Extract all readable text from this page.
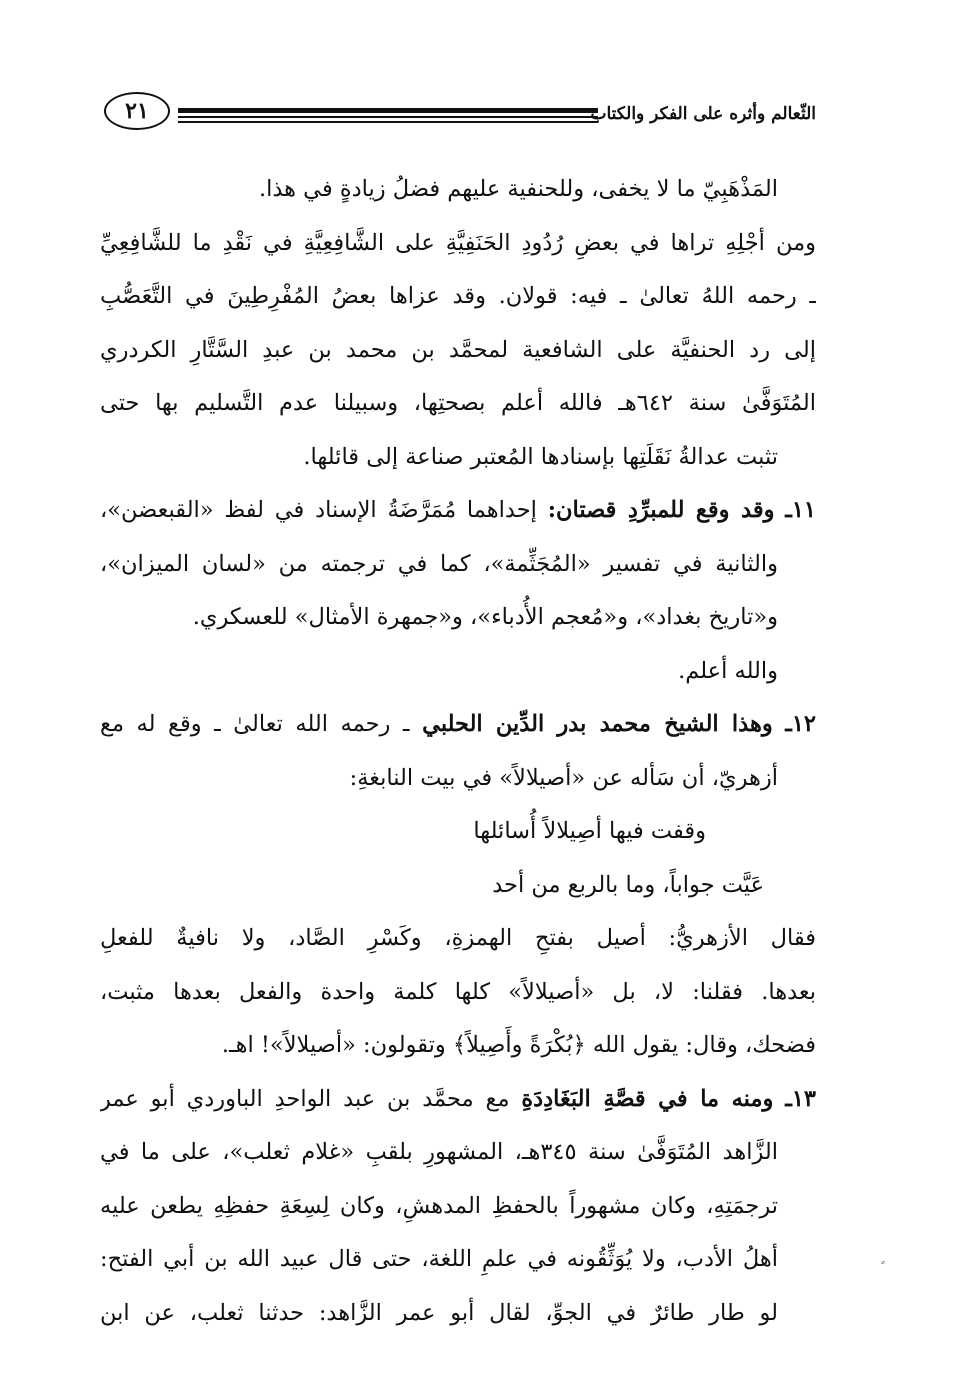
٢١	الثّعالم وأثره على الفكر والكتاب
المَذْهَبِيّ ما لا يخفى، وللحنفية عليهم فضلُ زيادةٍ في هذا.
ومن أجْلِهِ تراها في بعضِ رُدُودِ الحَنَفِيَّةِ على الشَّافِعِيَّةِ في نَقْدِ ما للشَّافِعِيِّ
ـ رحمه اللهُ تعالىٰ ـ فيه: قولان. وقد عزاها بعضُ المُفْرِطِينَ في التَّعَصُّبِ
إلى رد الحنفيَّة على الشافعية لمحمَّد بن محمد بن عبدِ السَّتَّارِ الكردري
المُتَوَفَّىٰ سنة ٦٤٢هـ فالله أعلم بصحتِها، وسبيلنا عدم التَّسليم بها حتى
تثبت عدالةُ نَقَلَتِها بإسنادها المُعتبر صناعة إلى قائلها.
١١ـ وقد وقع للمبرِّدِ قصتان: إحداهما مُمَرَّضَةُ الإسناد في لفظ «القبعضن»،
والثانية في تفسير «المُجَثِّمة»، كما في ترجمته من «لسان الميزان»،
و«تاريخ بغداد»، و«مُعجم الأُدباء»، و«جمهرة الأمثال» للعسكري.
والله أعلم.
١٢ـ وهذا الشيخ محمد بدر الدِّين الحلبي ـ رحمه الله تعالىٰ ـ وقع له مع
أزهريّ، أن سَأله عن «أصيلالاً» في بيت النابغةِ:
وقفت فيها أصِيلالاً أُسائلها
عَيَّت جواباً، وما بالربع من أحد
فقال الأزهريُّ: أصيل بفتحِ الهمزةِ، وكَسْرِ الصَّاد، ولا نافيةٌ للفعلِ
بعدها. فقلنا: لا، بل «أصيلالاً» كلها كلمة واحدة والفعل بعدها مثبت،
فضحك، وقال: يقول الله ﴿بُكْرَةً وأَصِيلاً﴾ وتقولون: «أصيلالاً»! اهـ.
١٣ـ ومنه ما في قصَّةِ البَغَادِدَةِ مع محمَّد بن عبد الواحدِ الباوردي أبو عمر
الزَّاهد المُتَوَفَّىٰ سنة ٣٤٥هـ، المشهورِ بلقبِ «غلام ثعلب»، على ما في
ترجمَتِهِ، وكان مشهوراً بالحفظِ المدهشِ، وكان لِسِعَةِ حفظِهِ يطعن عليه
أهلُ الأدب، ولا يُوَثِّقُونه في علمِ اللغة، حتى قال عبيد الله بن أبي الفتح:
لو طار طائرٌ في الجوِّ، لقال أبو عمر الزَّاهد: حدثنا ثعلب، عن ابن
